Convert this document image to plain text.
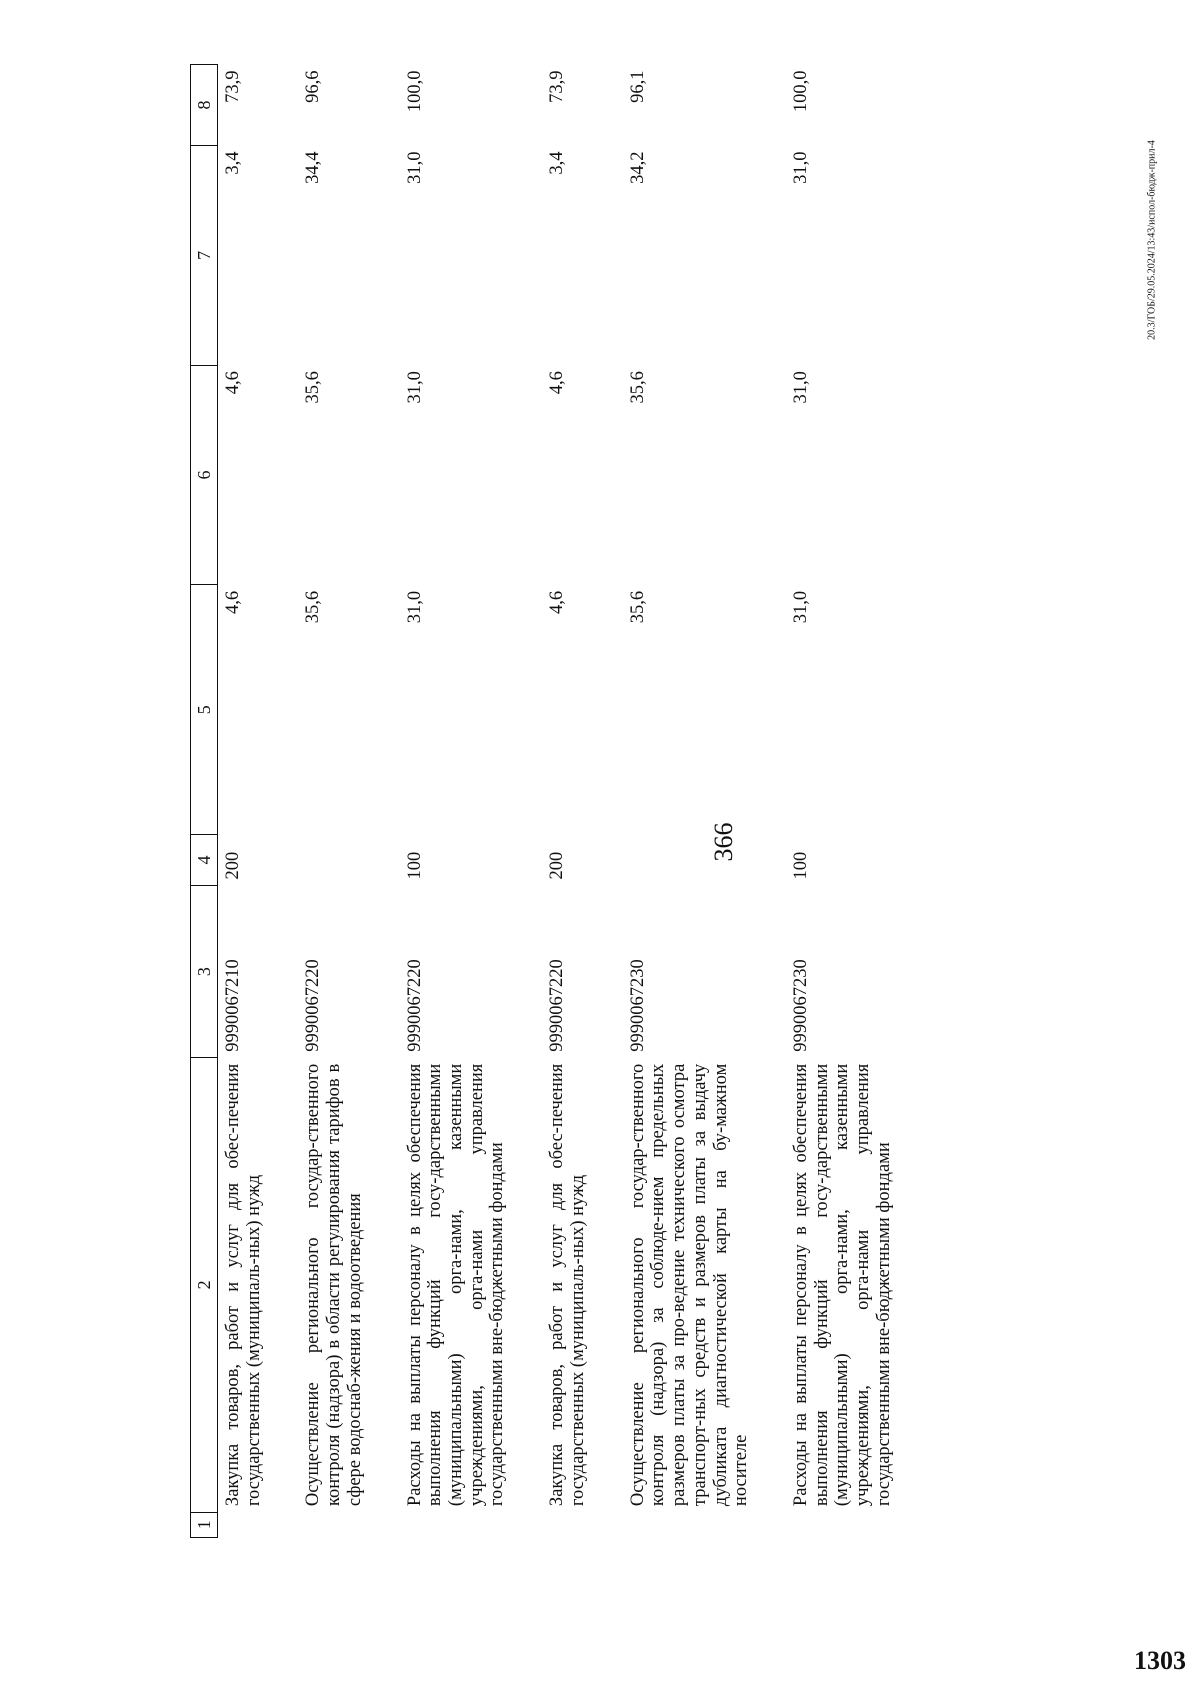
366
1	2	3	4	5	6	7	8
	Закупка товаров, работ и услуг для обес-печения государственных (муниципаль-ных) нужд	9990067210	200	4,6	4,6	3,4	73,9
	Осуществление регионального государ-ственного контроля (надзора) в области регулирования тарифов в сфере водоснаб-жения и водоотведения	9990067220		35,6	35,6	34,4	96,6
	Расходы на выплаты персоналу в целях обеспечения выполнения функций госу-дарственными (муниципальными) орга-нами, казенными учреждениями, орга-нами управления государственными вне-бюджетными фондами	9990067220	100	31,0	31,0	31,0	100,0
	Закупка товаров, работ и услуг для обес-печения государственных (муниципаль-ных) нужд	9990067220	200	4,6	4,6	3,4	73,9
	Осуществление регионального государ-ственного контроля (надзора) за соблюде-нием предельных размеров платы за про-ведение технического осмотра транспорт-ных средств и размеров платы за выдачу дубликата диагностической карты на бу-мажном носителе	9990067230		35,6	35,6	34,2	96,1
	Расходы на выплаты персоналу в целях обеспечения выполнения функций госу-дарственными (муниципальными) орга-нами, казенными учреждениями, орга-нами управления государственными вне-бюджетными фондами	9990067230	100	31,0	31,0	31,0	100,0
20.3/ГОБ/29.05.2024/13:43/испол-бюдж-прил-4
1303
